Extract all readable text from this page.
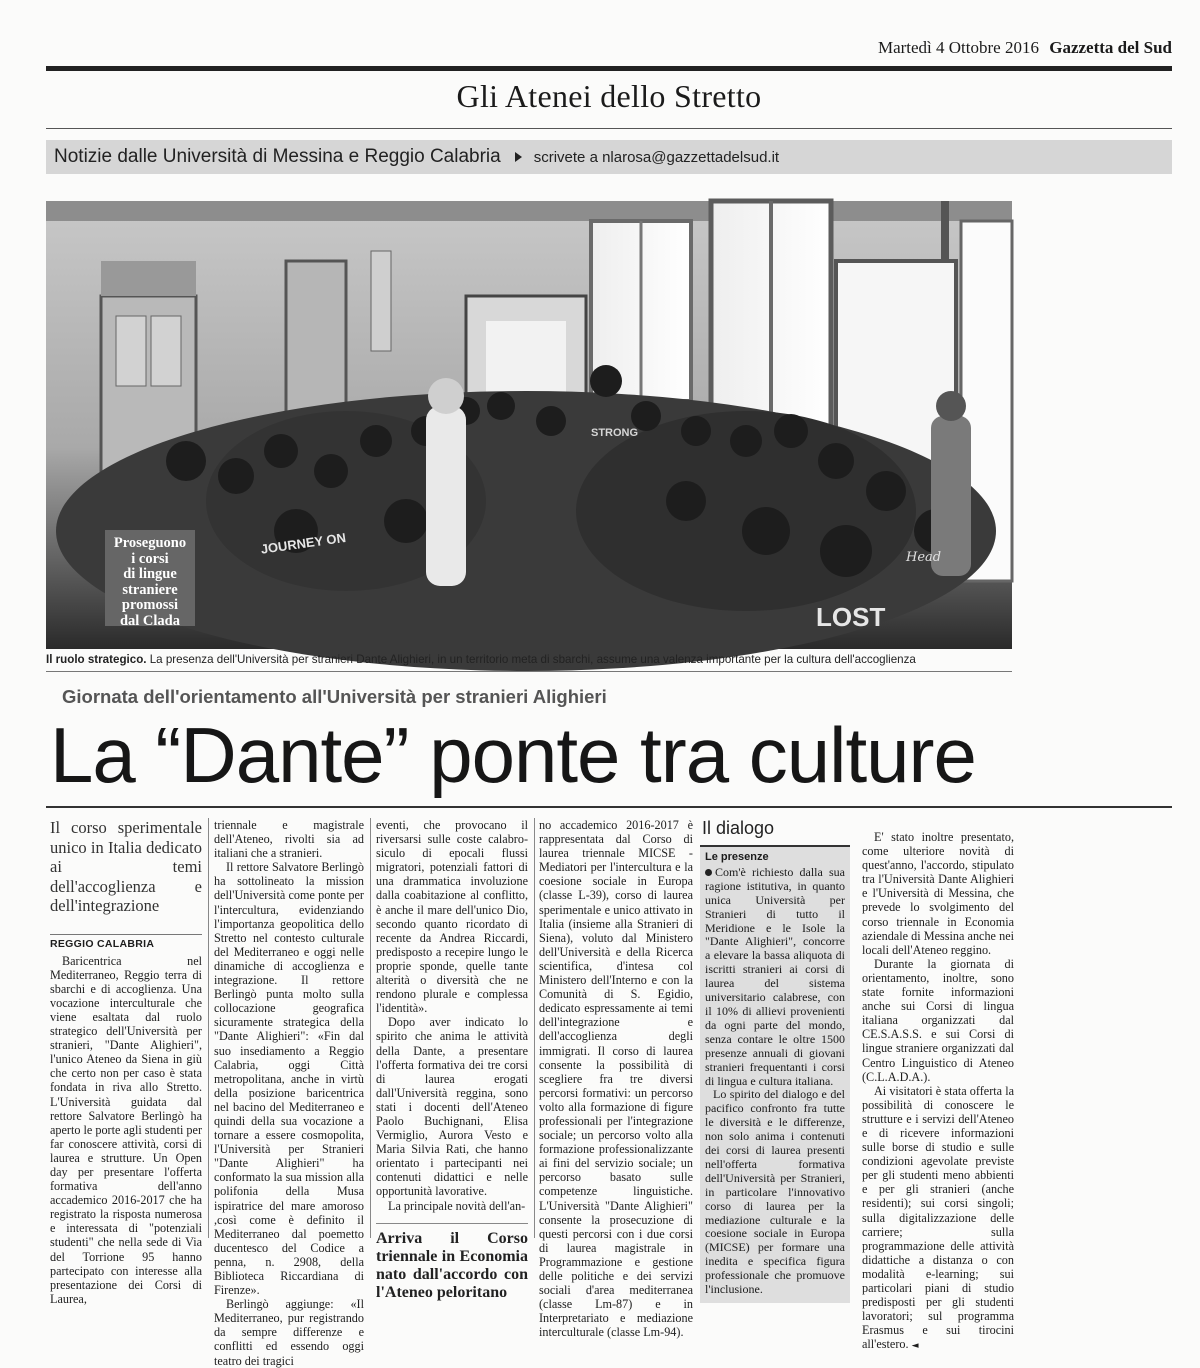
Martedì 4 Ottobre 2016 Gazzetta del Sud
Gli Atenei dello Stretto
Notizie dalle Università di Messina e Reggio Calabria scrivete a nlarosa@gazzettadelsud.it
JOURNEY ON
STRONG
LOST
Head
Proseguono
i corsi
di lingue
straniere
promossi
dal Clada
Il ruolo strategico. La presenza dell'Università per stranieri Dante Alighieri, in un territorio meta di sbarchi, assume una valenza importante per la cultura dell'accoglienza
Giornata dell'orientamento all'Università per stranieri Alighieri
La “Dante” ponte tra culture
Il corso sperimentale unico in Italia dedicato ai temi dell'accoglienza e dell'integrazione
REGGIO CALABRIA

Baricentrica nel Mediterraneo, Reggio terra di sbarchi e di accoglienza. Una vocazione interculturale che viene esaltata dal ruolo strategico dell'Università per stranieri, "Dante Alighieri", l'unico Ateneo da Siena in giù che certo non per caso è stata fondata in riva allo Stretto. L'Università guidata dal rettore Salvatore Berlingò ha aperto le porte agli studenti per far conoscere attività, corsi di laurea e strutture. Un Open day per presentare l'offerta formativa dell'anno accademico 2016-2017 che ha registrato la risposta numerosa e interessata di "potenziali studenti" che nella sede di Via del Torrione 95 hanno partecipato con interesse alla presentazione dei Corsi di Laurea,

triennale e magistrale dell'Ateneo, rivolti sia ad italiani che a stranieri.

Il rettore Salvatore Berlingò ha sottolineato la mission dell'Università come ponte per l'intercultura, evidenziando l'importanza geopolitica dello Stretto nel contesto culturale del Mediterraneo e oggi nelle dinamiche di accoglienza e integrazione. Il rettore Berlingò punta molto sulla collocazione geografica sicuramente strategica della "Dante Alighieri": «Fin dal suo insediamento a Reggio Calabria, oggi Città metropolitana, anche in virtù della posizione baricentrica nel bacino del Mediterraneo e quindi della sua vocazione a tornare a essere cosmopolita, l'Università per Stranieri "Dante Alighieri" ha conformato la sua mission alla polifonia della Musa ispiratrice del mare amoroso ,così come è definito il Mediterraneo dal poemetto ducentesco del Codice a penna, n. 2908, della Biblioteca Riccardiana di Firenze».

Berlingò aggiunge: «Il Mediterraneo, pur registrando da sempre differenze e conflitti ed essendo oggi teatro dei tragici

eventi, che provocano il riversarsi sulle coste calabro-siculo di epocali flussi migratori, potenziali fattori di una drammatica involuzione dalla coabitazione al conflitto, è anche il mare dell'unico Dio, secondo quanto ricordato di recente da Andrea Riccardi, predisposto a recepire lungo le proprie sponde, quelle tante alterità o diversità che ne rendono plurale e complessa l'identità».

Dopo aver indicato lo spirito che anima le attività della Dante, a presentare l'offerta formativa dei tre corsi di laurea erogati dall'Università reggina, sono stati i docenti dell'Ateneo Paolo Buchignani, Elisa Vermiglio, Aurora Vesto e Maria Silvia Rati, che hanno orientato i partecipanti nei contenuti didattici e nelle opportunità lavorative.

La principale novità dell'an-

Arriva il Corso triennale in Economia nato dall'accordo con l'Ateneo peloritano

no accademico 2016-2017 è rappresentata dal Corso di laurea triennale MICSE - Mediatori per l'intercultura e la coesione sociale in Europa (classe L-39), corso di laurea sperimentale e unico attivato in Italia (insieme alla Stranieri di Siena), voluto dal Ministero dell'Università e della Ricerca scientifica, d'intesa col Ministero dell'Interno e con la Comunità di S. Egidio, dedicato espressamente ai temi dell'integrazione e dell'accoglienza degli immigrati. Il corso di laurea consente la possibilità di scegliere fra tre diversi percorsi formativi: un percorso volto alla formazione di figure professionali per l'integrazione sociale; un percorso volto alla formazione professionalizzante ai fini del servizio sociale; un percorso basato sulle competenze linguistiche. L'Università "Dante Alighieri" consente la prosecuzione di questi percorsi con i due corsi di laurea magistrale in Programmazione e gestione delle politiche e dei servizi sociali d'area mediterranea (classe Lm-87) e in Interpretariato e mediazione interculturale (classe Lm-94).

Il dialogo
Le presenze

Com'è richiesto dalla sua ragione istitutiva, in quanto unica Università per Stranieri di tutto il Meridione e le Isole la "Dante Alighieri", concorre a elevare la bassa aliquota di iscritti stranieri ai corsi di laurea del sistema universitario calabrese, con il 10% di allievi provenienti da ogni parte del mondo, senza contare le oltre 1500 presenze annuali di giovani stranieri frequentanti i corsi di lingua e cultura italiana.

Lo spirito del dialogo e del pacifico confronto fra tutte le diversità e le differenze, non solo anima i contenuti dei corsi di laurea presenti nell'offerta formativa dell'Università per Stranieri, in particolare l'innovativo corso di laurea per la mediazione culturale e la coesione sociale in Europa (MICSE) per formare una inedita e specifica figura professionale che promuove l'inclusione.

E' stato inoltre presentato, come ulteriore novità di quest'anno, l'accordo, stipulato tra l'Università Dante Alighieri e l'Università di Messina, che prevede lo svolgimento del corso triennale in Economia aziendale di Messina anche nei locali dell'Ateneo reggino.

Durante la giornata di orientamento, inoltre, sono state fornite informazioni anche sui Corsi di lingua italiana organizzati dal CE.S.A.S.S. e sui Corsi di lingue straniere organizzati dal Centro Linguistico di Ateneo (C.L.A.D.A.).

Ai visitatori è stata offerta la possibilità di conoscere le strutture e i servizi dell'Ateneo e di ricevere informazioni sulle borse di studio e sulle condizioni agevolate previste per gli studenti meno abbienti e per gli stranieri (anche residenti); sui corsi singoli; sulla digitalizzazione delle carriere; sulla programmazione delle attività didattiche a distanza o con modalità e-learning; sui particolari piani di studio predisposti per gli studenti lavoratori; sul programma Erasmus e sui tirocini all'estero. ◄
